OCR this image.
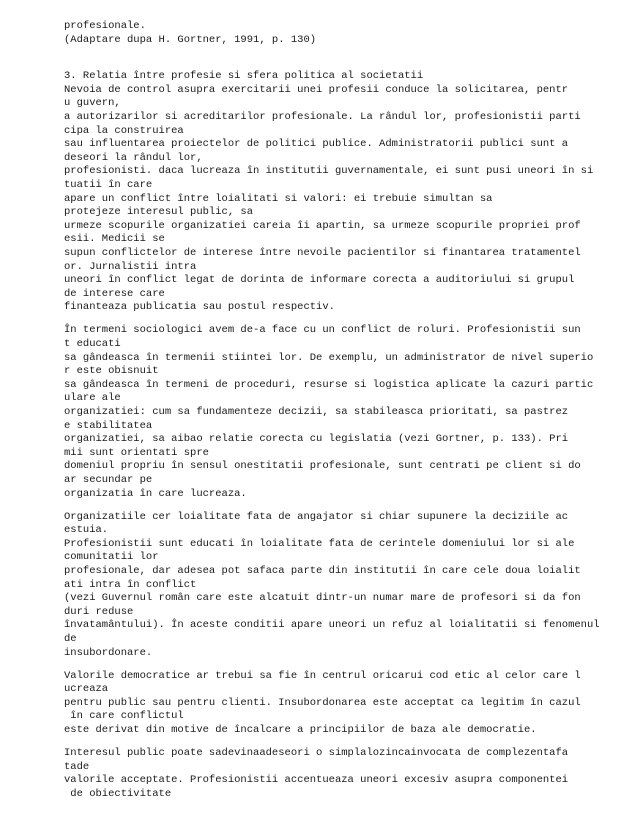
profesionale.
(Adaptare dupa H. Gortner, 1991, p. 130)
3. Relatia între profesie si sfera politica al societatii
Nevoia de control asupra exercitarii unei profesii conduce la solicitarea, pentr
u guvern,
a autorizarilor si acreditarilor profesionale. La rândul lor, profesionistii parti
cipa la construirea
sau influentarea proiectelor de politici publice. Administratorii publici sunt a
deseori la rândul lor,
profesionisti. daca lucreaza în institutii guvernamentale, ei sunt pusi uneori în si
tuatii în care
apare un conflict între loialitati si valori: ei trebuie simultan sa
protejeze interesul public, sa
urmeze scopurile organizatiei careia îi apartin, sa urmeze scopurile propriei prof
esii. Medicii se
supun conflictelor de interese între nevoile pacientilor si finantarea tratamentel
or. Jurnalistii intra
uneori în conflict legat de dorinta de informare corecta a auditoriului si grupul
de interese care
finanteaza publicatia sau postul respectiv.
În termeni sociologici avem de-a face cu un conflict de roluri. Profesionistii sun
t educati
sa gândeasca în termenii stiintei lor. De exemplu, un administrator de nivel superio
r este obisnuit
sa gândeasca în termeni de proceduri, resurse si logistica aplicate la cazuri partic
ulare ale
organizatiei: cum sa fundamenteze decizii, sa stabileasca prioritati, sa pastrez
e stabilitatea
organizatiei, sa aibao relatie corecta cu legislatia (vezi Gortner, p. 133). Pri
mii sunt orientati spre
domeniul propriu în sensul onestitatii profesionale, sunt centrati pe client si do
ar secundar pe
organizatia în care lucreaza.
Organizatiile cer loialitate fata de angajator si chiar supunere la deciziile ac
estuia.
Profesionistii sunt educati în loialitate fata de cerintele domeniului lor si ale
comunitatii lor
profesionale, dar adesea pot safaca parte din institutii în care cele doua loialit
ati intra în conflict
(vezi Guvernul român care este alcatuit dintr-un numar mare de profesori si da fon
duri reduse
învatamântului). În aceste conditii apare uneori un refuz al loialitatii si fenomenul
de
insubordonare.
Valorile democratice ar trebui sa fie în centrul oricarui cod etic al celor care l
ucreaza
pentru public sau pentru clienti. Insubordonarea este acceptat ca legitim în cazul
în care conflictul
este derivat din motive de încalcare a principiilor de baza ale democratie.
Interesul public poate sadevinaadeseori o simplalozincainvocata de complezentafa
tade
valorile acceptate. Profesionistii accentueaza uneori excesiv asupra componentei
de obiectivitate
